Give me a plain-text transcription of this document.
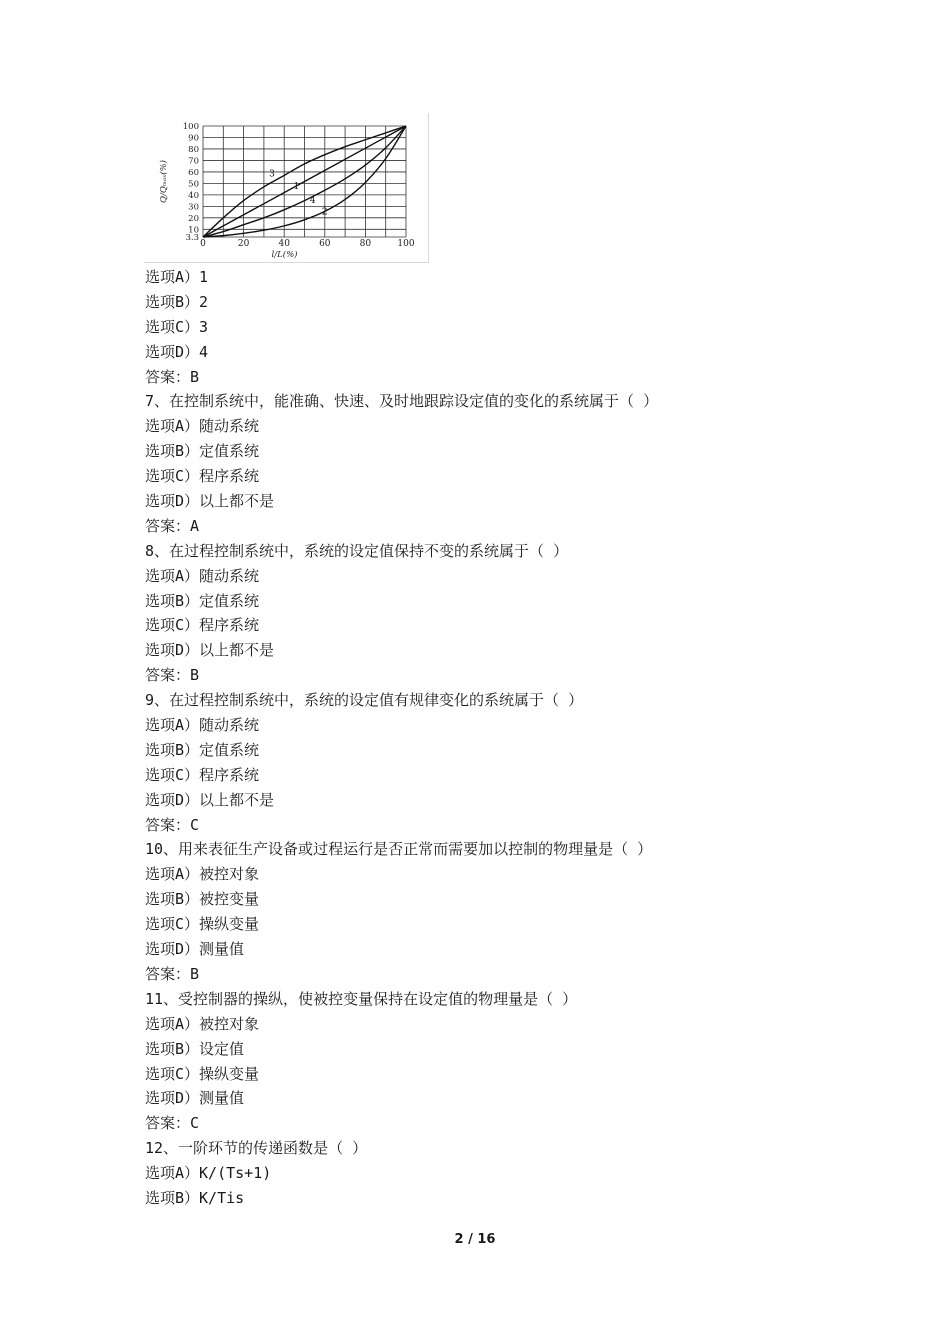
0	20	40	60	80	100
3.3
10
20
30
40
50
60
70
80
90
100
l/L(%)
Q/Qₘₐₓ(%)	3
1
4
2
选项A）1
选项B）2
选项C）3
选项D）4
答案：B
7、在控制系统中，能准确、快速、及时地跟踪设定值的变化的系统属于（ ）
选项A）随动系统
选项B）定值系统
选项C）程序系统
选项D）以上都不是
答案：A
8、在过程控制系统中，系统的设定值保持不变的系统属于（ ）
选项A）随动系统
选项B）定值系统
选项C）程序系统
选项D）以上都不是
答案：B
9、在过程控制系统中，系统的设定值有规律变化的系统属于（ ）
选项A）随动系统
选项B）定值系统
选项C）程序系统
选项D）以上都不是
答案：C
10、用来表征生产设备或过程运行是否正常而需要加以控制的物理量是（ ）
选项A）被控对象
选项B）被控变量
选项C）操纵变量
选项D）测量值
答案：B
11、受控制器的操纵，使被控变量保持在设定值的物理量是（ ）
选项A）被控对象
选项B）设定值
选项C）操纵变量
选项D）测量值
答案：C
12、一阶环节的传递函数是（ ）
选项A）K/(Ts+1)
选项B）K/Tis
2 / 16
